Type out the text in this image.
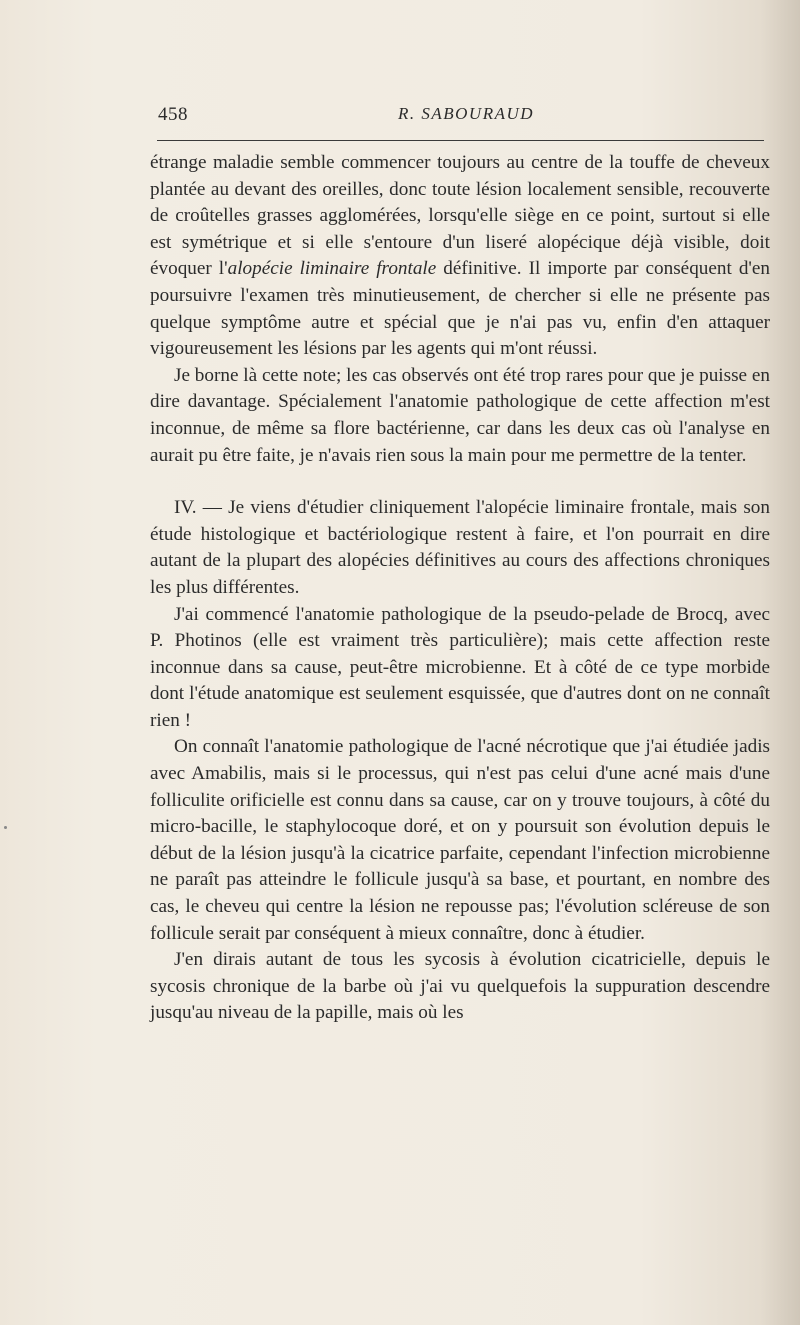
458	R. SABOURAUD

étrange maladie semble commencer toujours au centre de la touffe de cheveux plantée au devant des oreilles, donc toute lésion localement sensible, recouverte de croûtelles grasses agglomérées, lorsqu'elle siège en ce point, surtout si elle est symétrique et si elle s'entoure d'un liseré alopécique déjà visible, doit évoquer l'alopécie liminaire frontale définitive. Il importe par conséquent d'en poursuivre l'examen très minutieusement, de chercher si elle ne présente pas quelque symptôme autre et spécial que je n'ai pas vu, enfin d'en attaquer vigoureusement les lésions par les agents qui m'ont réussi.

Je borne là cette note; les cas observés ont été trop rares pour que je puisse en dire davantage. Spécialement l'anatomie pathologique de cette affection m'est inconnue, de même sa flore bactérienne, car dans les deux cas où l'analyse en aurait pu être faite, je n'avais rien sous la main pour me permettre de la tenter.

IV. — Je viens d'étudier cliniquement l'alopécie liminaire frontale, mais son étude histologique et bactériologique restent à faire, et l'on pourrait en dire autant de la plupart des alopécies définitives au cours des affections chroniques les plus différentes.

J'ai commencé l'anatomie pathologique de la pseudo-pelade de Brocq, avec P. Photinos (elle est vraiment très particulière); mais cette affection reste inconnue dans sa cause, peut-être microbienne. Et à côté de ce type morbide dont l'étude anatomique est seulement esquissée, que d'autres dont on ne connaît rien !

On connaît l'anatomie pathologique de l'acné nécrotique que j'ai étudiée jadis avec Amabilis, mais si le processus, qui n'est pas celui d'une acné mais d'une folliculite orificielle est connu dans sa cause, car on y trouve toujours, à côté du micro-bacille, le staphylocoque doré, et on y poursuit son évolution depuis le début de la lésion jusqu'à la cicatrice parfaite, cependant l'infection microbienne ne paraît pas atteindre le follicule jusqu'à sa base, et pourtant, en nombre des cas, le cheveu qui centre la lésion ne repousse pas; l'évolution scléreuse de son follicule serait par conséquent à mieux connaître, donc à étudier.

J'en dirais autant de tous les sycosis à évolution cicatricielle, depuis le sycosis chronique de la barbe où j'ai vu quelquefois la suppuration descendre jusqu'au niveau de la papille, mais où les
